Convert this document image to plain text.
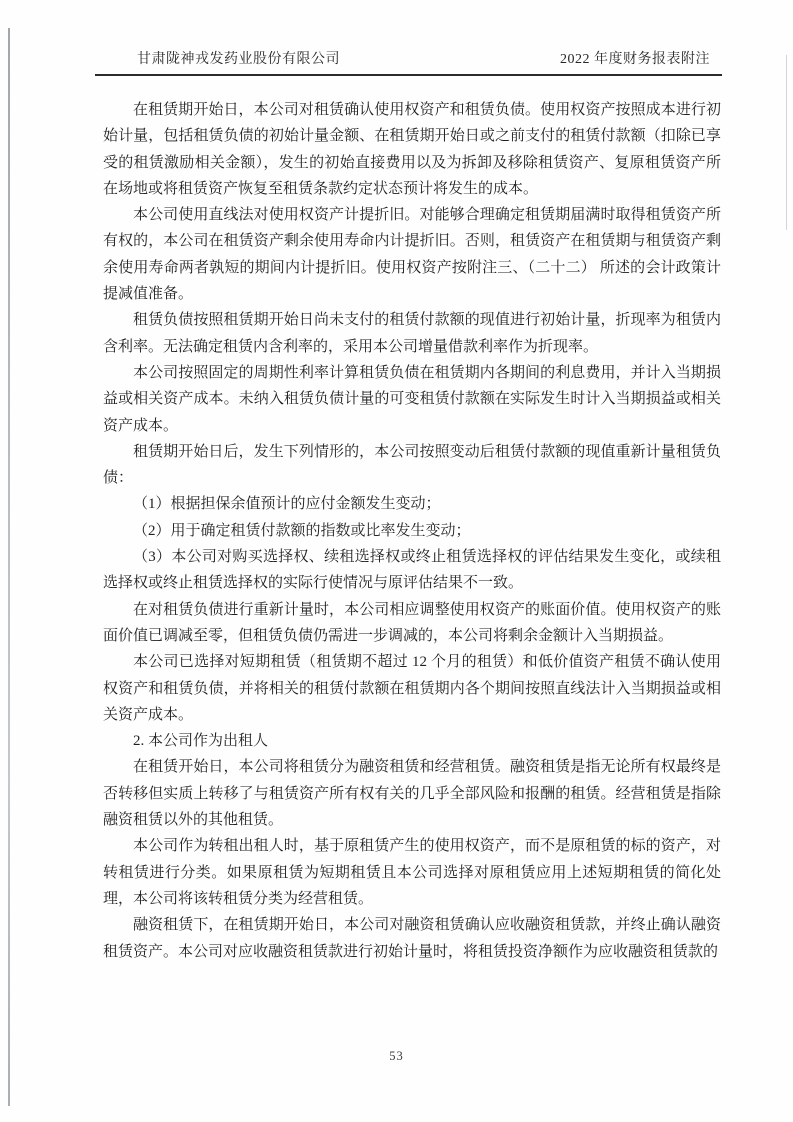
甘肃陇神戎发药业股份有限公司	2022 年度财务报表附注

在租赁期开始日，本公司对租赁确认使用权资产和租赁负债。使用权资产按照成本进行初始计量，包括租赁负债的初始计量金额、在租赁期开始日或之前支付的租赁付款额（扣除已享受的租赁激励相关金额），发生的初始直接费用以及为拆卸及移除租赁资产、复原租赁资产所在场地或将租赁资产恢复至租赁条款约定状态预计将发生的成本。

本公司使用直线法对使用权资产计提折旧。对能够合理确定租赁期届满时取得租赁资产所有权的，本公司在租赁资产剩余使用寿命内计提折旧。否则，租赁资产在租赁期与租赁资产剩余使用寿命两者孰短的期间内计提折旧。使用权资产按附注三、（二十二） 所述的会计政策计提减值准备。

租赁负债按照租赁期开始日尚未支付的租赁付款额的现值进行初始计量，折现率为租赁内含利率。无法确定租赁内含利率的，采用本公司增量借款利率作为折现率。

本公司按照固定的周期性利率计算租赁负债在租赁期内各期间的利息费用，并计入当期损益或相关资产成本。未纳入租赁负债计量的可变租赁付款额在实际发生时计入当期损益或相关资产成本。

租赁期开始日后，发生下列情形的，本公司按照变动后租赁付款额的现值重新计量租赁负债：

（1）根据担保余值预计的应付金额发生变动；

（2）用于确定租赁付款额的指数或比率发生变动；

（3）本公司对购买选择权、续租选择权或终止租赁选择权的评估结果发生变化，或续租选择权或终止租赁选择权的实际行使情况与原评估结果不一致。

在对租赁负债进行重新计量时，本公司相应调整使用权资产的账面价值。使用权资产的账面价值已调减至零，但租赁负债仍需进一步调减的，本公司将剩余金额计入当期损益。

本公司已选择对短期租赁（租赁期不超过 12 个月的租赁）和低价值资产租赁不确认使用权资产和租赁负债，并将相关的租赁付款额在租赁期内各个期间按照直线法计入当期损益或相关资产成本。

2. 本公司作为出租人

在租赁开始日，本公司将租赁分为融资租赁和经营租赁。融资租赁是指无论所有权最终是否转移但实质上转移了与租赁资产所有权有关的几乎全部风险和报酬的租赁。经营租赁是指除融资租赁以外的其他租赁。

本公司作为转租出租人时，基于原租赁产生的使用权资产，而不是原租赁的标的资产，对转租赁进行分类。如果原租赁为短期租赁且本公司选择对原租赁应用上述短期租赁的简化处理，本公司将该转租赁分类为经营租赁。

融资租赁下，在租赁期开始日，本公司对融资租赁确认应收融资租赁款，并终止确认融资租赁资产。本公司对应收融资租赁款进行初始计量时，将租赁投资净额作为应收融资租赁款的

53
